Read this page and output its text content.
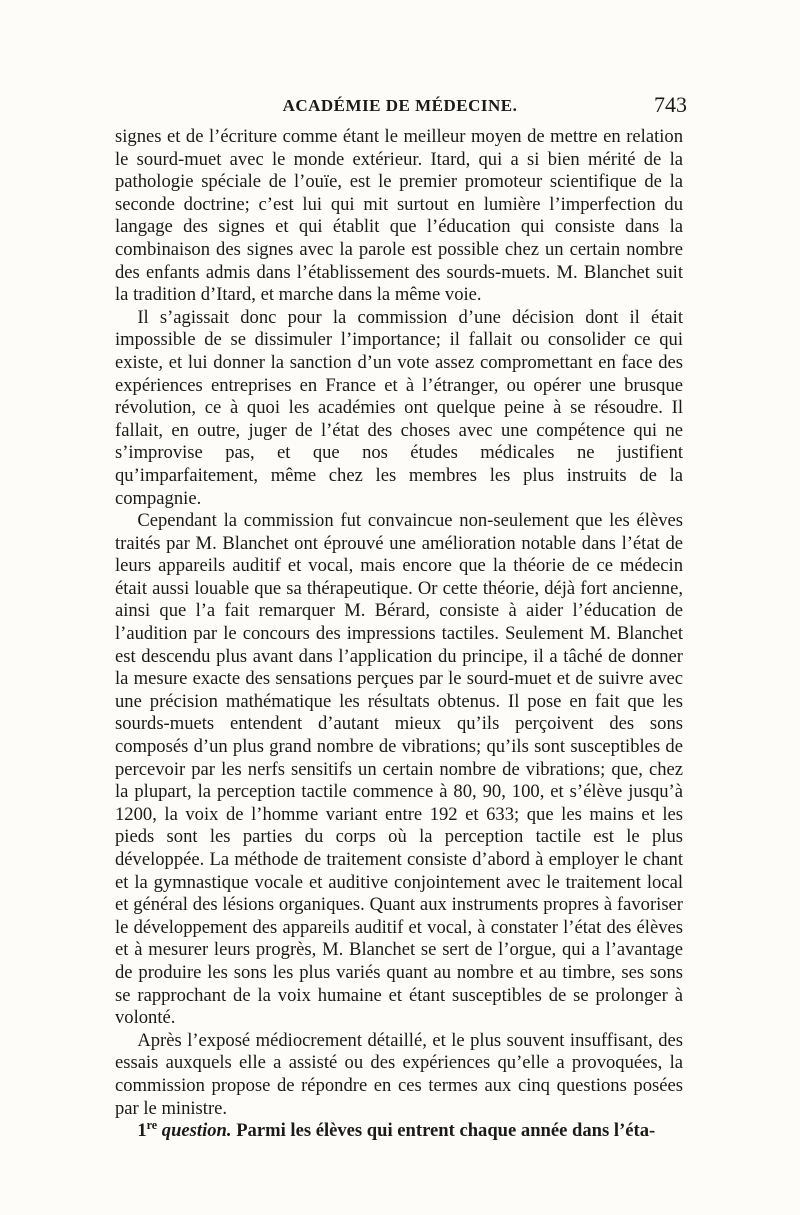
ACADÉMIE DE MÉDECINE.	743

signes et de l’écriture comme étant le meilleur moyen de mettre en relation le sourd-muet avec le monde extérieur. Itard, qui a si bien mérité de la pathologie spéciale de l’ouïe, est le premier promoteur scientifique de la seconde doctrine; c’est lui qui mit surtout en lumière l’imperfection du langage des signes et qui établit que l’éducation qui consiste dans la combinaison des signes avec la parole est possible chez un certain nombre des enfants admis dans l’établissement des sourds-muets. M. Blanchet suit la tradition d’Itard, et marche dans la même voie.

Il s’agissait donc pour la commission d’une décision dont il était impossible de se dissimuler l’importance; il fallait ou consolider ce qui existe, et lui donner la sanction d’un vote assez compromettant en face des expériences entreprises en France et à l’étranger, ou opérer une brusque révolution, ce à quoi les académies ont quelque peine à se résoudre. Il fallait, en outre, juger de l’état des choses avec une compétence qui ne s’improvise pas, et que nos études médicales ne justifient qu’imparfaitement, même chez les membres les plus instruits de la compagnie.

Cependant la commission fut convaincue non-seulement que les élèves traités par M. Blanchet ont éprouvé une amélioration notable dans l’état de leurs appareils auditif et vocal, mais encore que la théorie de ce médecin était aussi louable que sa thérapeutique. Or cette théorie, déjà fort ancienne, ainsi que l’a fait remarquer M. Bérard, consiste à aider l’éducation de l’audition par le concours des impressions tactiles. Seulement M. Blanchet est descendu plus avant dans l’application du principe, il a tâché de donner la mesure exacte des sensations perçues par le sourd-muet et de suivre avec une précision mathématique les résultats obtenus. Il pose en fait que les sourds-muets entendent d’autant mieux qu’ils perçoivent des sons composés d’un plus grand nombre de vibrations; qu’ils sont susceptibles de percevoir par les nerfs sensitifs un certain nombre de vibrations; que, chez la plupart, la perception tactile commence à 80, 90, 100, et s’élève jusqu’à 1200, la voix de l’homme variant entre 192 et 633; que les mains et les pieds sont les parties du corps où la perception tactile est le plus développée. La méthode de traitement consiste d’abord à employer le chant et la gymnastique vocale et auditive conjointement avec le traitement local et général des lésions organiques. Quant aux instruments propres à favoriser le développement des appareils auditif et vocal, à constater l’état des élèves et à mesurer leurs progrès, M. Blanchet se sert de l’orgue, qui a l’avantage de produire les sons les plus variés quant au nombre et au timbre, ses sons se rapprochant de la voix humaine et étant susceptibles de se prolonger à volonté.

Après l’exposé médiocrement détaillé, et le plus souvent insuffisant, des essais auxquels elle a assisté ou des expériences qu’elle a provoquées, la commission propose de répondre en ces termes aux cinq questions posées par le ministre.

1re question. Parmi les élèves qui entrent chaque année dans l’éta-
